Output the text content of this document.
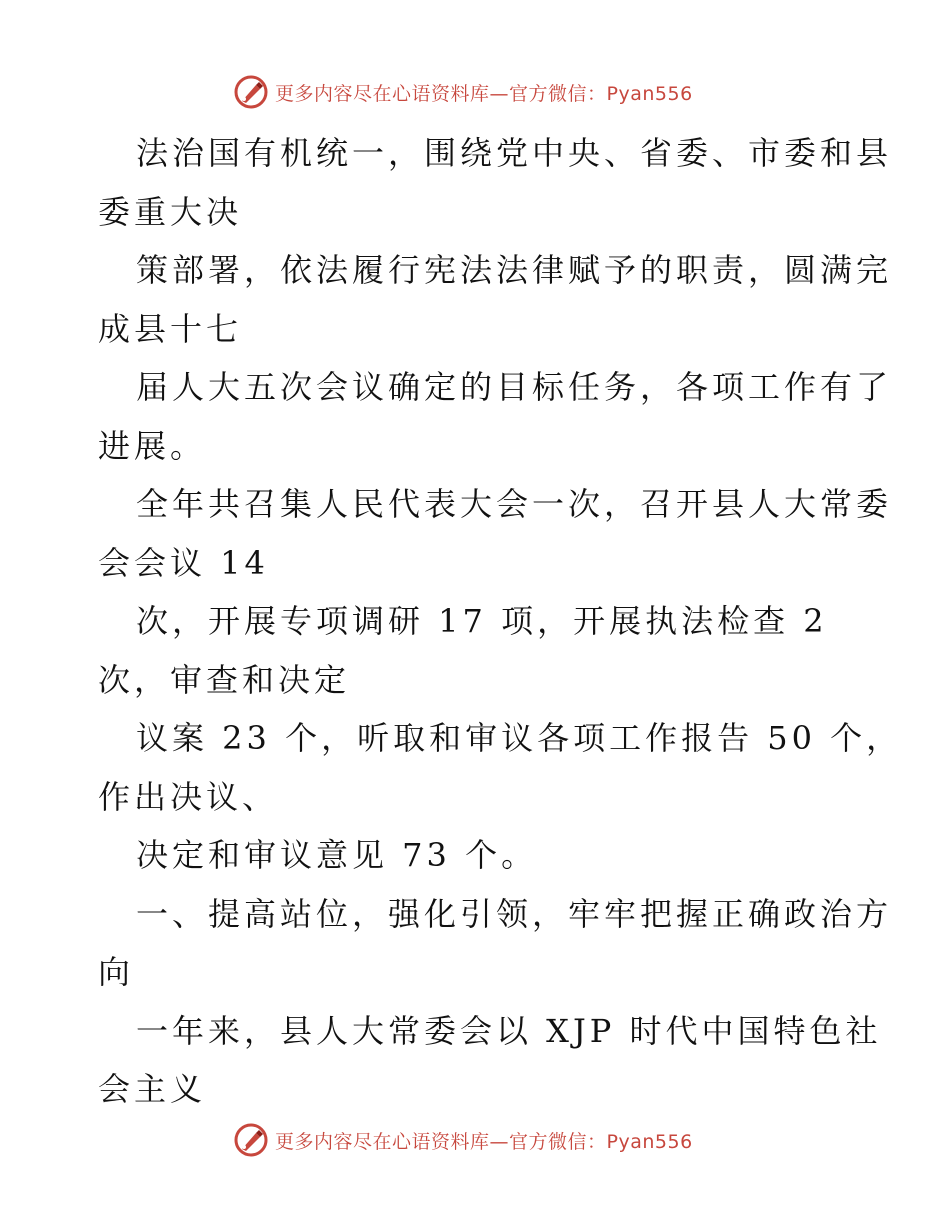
更多内容尽在心语资料库—官方微信：Pyan556
法治国有机统一，围绕党中央、省委、市委和县
委重大决
策部署，依法履行宪法法律赋予的职责，圆满完
成县十七
届人大五次会议确定的目标任务，各项工作有了
进展。
全年共召集人民代表大会一次，召开县人大常委
会会议 14
次，开展专项调研 17 项，开展执法检查 2
次，审查和决定
议案 23 个，听取和审议各项工作报告 50 个，
作出决议、
决定和审议意见 73 个。
一、提高站位，强化引领，牢牢把握正确政治方
向
一年来，县人大常委会以 XJP 时代中国特色社
会主义
更多内容尽在心语资料库—官方微信：Pyan556
